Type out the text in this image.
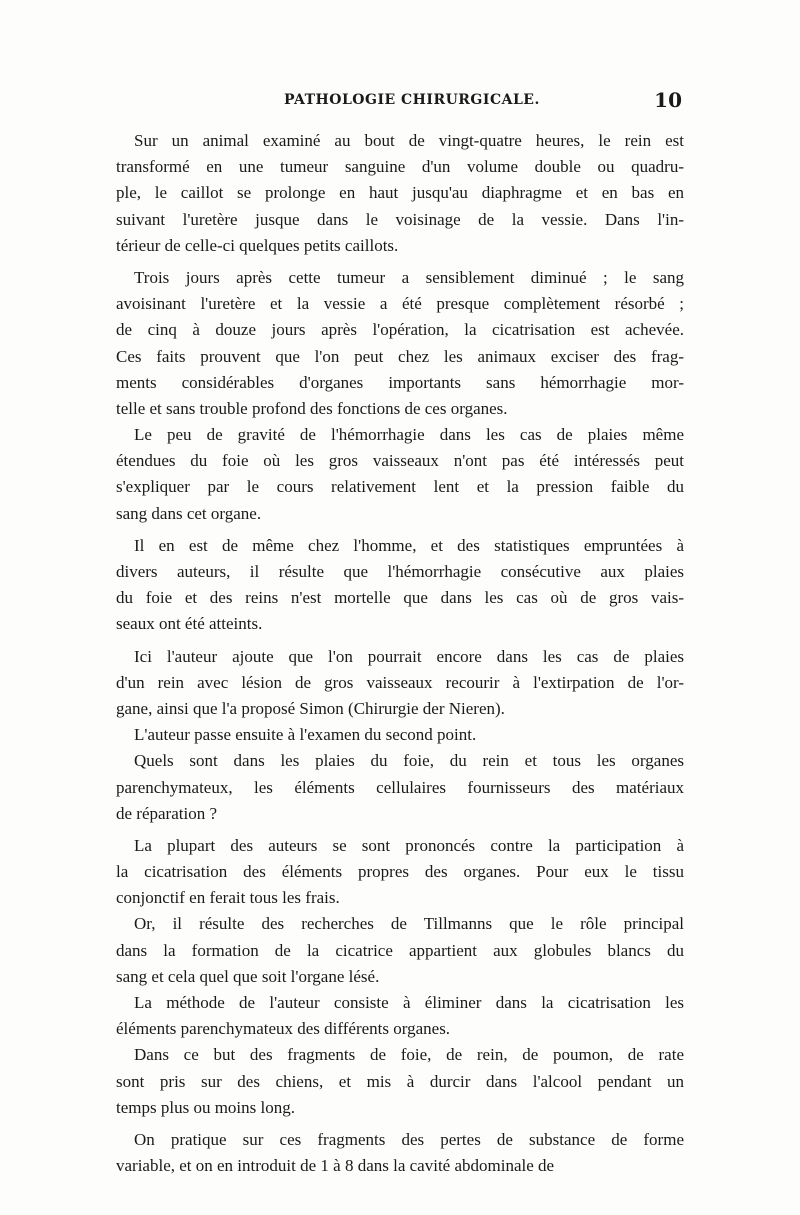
PATHOLOGIE CHIRURGICALE.	10
Sur un animal examiné au bout de vingt-quatre heures, le rein est
transformé en une tumeur sanguine d'un volume double ou quadru-
ple, le caillot se prolonge en haut jusqu'au diaphragme et en bas en
suivant l'uretère jusque dans le voisinage de la vessie. Dans l'in-
térieur de celle-ci quelques petits caillots.
Trois jours après cette tumeur a sensiblement diminué ; le sang
avoisinant l'uretère et la vessie a été presque complètement résorbé ;
de cinq à douze jours après l'opération, la cicatrisation est achevée.
Ces faits prouvent que l'on peut chez les animaux exciser des frag-
ments considérables d'organes importants sans hémorrhagie mor-
telle et sans trouble profond des fonctions de ces organes.
Le peu de gravité de l'hémorrhagie dans les cas de plaies même
étendues du foie où les gros vaisseaux n'ont pas été intéressés peut
s'expliquer par le cours relativement lent et la pression faible du
sang dans cet organe.
Il en est de même chez l'homme, et des statistiques empruntées à
divers auteurs, il résulte que l'hémorrhagie consécutive aux plaies
du foie et des reins n'est mortelle que dans les cas où de gros vais-
seaux ont été atteints.
Ici l'auteur ajoute que l'on pourrait encore dans les cas de plaies
d'un rein avec lésion de gros vaisseaux recourir à l'extirpation de l'or-
gane, ainsi que l'a proposé Simon (Chirurgie der Nieren).
L'auteur passe ensuite à l'examen du second point.
Quels sont dans les plaies du foie, du rein et tous les organes
parenchymateux, les éléments cellulaires fournisseurs des matériaux
de réparation ?
La plupart des auteurs se sont prononcés contre la participation à
la cicatrisation des éléments propres des organes. Pour eux le tissu
conjonctif en ferait tous les frais.
Or, il résulte des recherches de Tillmanns que le rôle principal
dans la formation de la cicatrice appartient aux globules blancs du
sang et cela quel que soit l'organe lésé.
La méthode de l'auteur consiste à éliminer dans la cicatrisation les
éléments parenchymateux des différents organes.
Dans ce but des fragments de foie, de rein, de poumon, de rate
sont pris sur des chiens, et mis à durcir dans l'alcool pendant un
temps plus ou moins long.
On pratique sur ces fragments des pertes de substance de forme
variable, et on en introduit de 1 à 8 dans la cavité abdominale de
